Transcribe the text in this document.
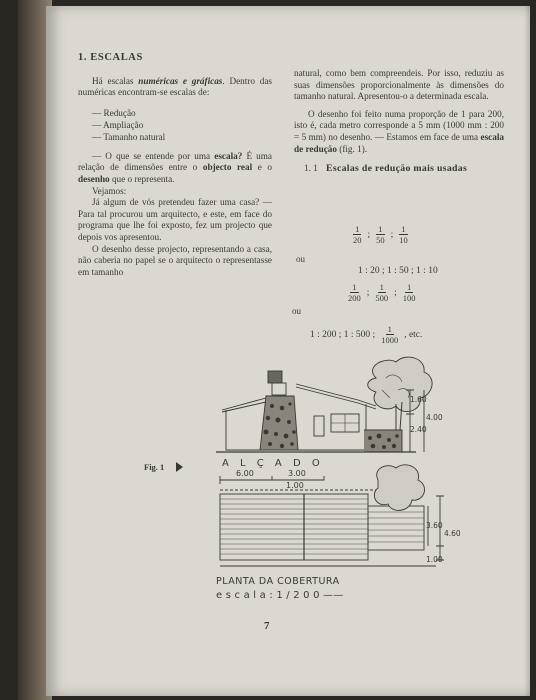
1. ESCALAS

Há escalas numéricas e gráficas. Dentro das numéricas encontram-se escalas de:

— Redução
— Ampliação
— Tamanho natural

— O que se entende por uma escala? É uma relação de dimensões entre o objecto real e o desenho que o representa.

Vejamos:

Já algum de vós pretendeu fazer uma casa? — Para tal procurou um arquitecto, e este, em face do programa que lhe foi exposto, fez um projecto que depois vos apresentou.

O desenho desse projecto, representando a casa, não caberia no papel se o arquitecto o representasse em tamanho

natural, como bem compreendeis. Por isso, reduziu as suas dimensões proporcionalmente às dimensões do tamanho natural. Apresentou-o a determinada escala.

O desenho foi feito numa proporção de 1 para 200, isto é, cada metro corresponde a 5 mm (1000 mm : 200 = 5 mm) no desenho. — Estamos em face de uma escala de redução (fig. 1).

1. 1 Escalas de redução mais usadas
$\frac{1}{20}$ ; $\frac{1}{50}$ ; $\frac{1}{10}$
ou
1 : 20 ; 1 : 50 ; 1 : 10
$\frac{1}{200}$ ; $\frac{1}{500}$ ; $\frac{1}{100}$
ou
1 : 200 ; 1 : 500 ; $\frac{1}{1000}$ , etc.
Fig. 1	A L Ç A D O
6.00	3.00
1.00
1.60
2.40
4.00
3.60
4.60
1.00
PLANTA DA COBERTURA
e s c a l a : 1 / 2 0 0 ——
7
